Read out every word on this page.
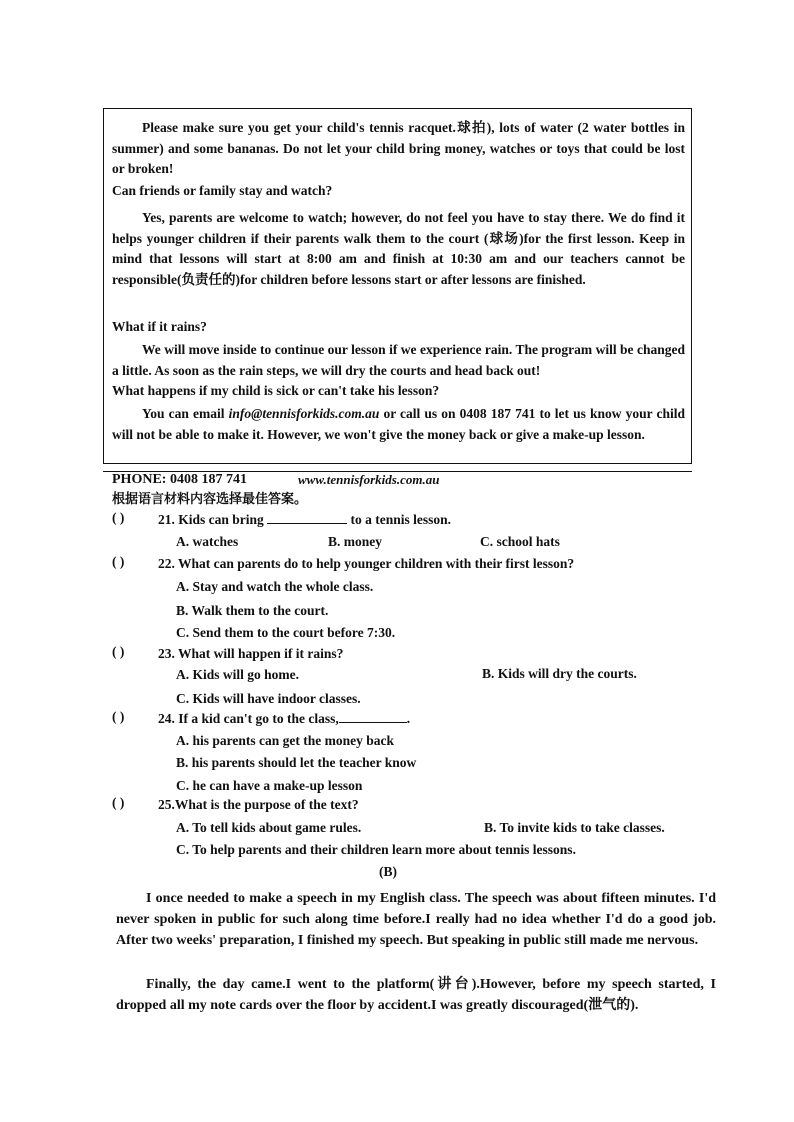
Please make sure you get your child's tennis racquet.球拍), lots of water (2 water bottles in summer) and some bananas. Do not let your child bring money, watches or toys that could be lost or broken!
Can friends or family stay and watch?
Yes, parents are welcome to watch; however, do not feel you have to stay there. We do find it helps younger children if their parents walk them to the court (球场)for the first lesson. Keep in mind that lessons will start at 8:00 am and finish at 10:30 am and our teachers cannot be responsible(负责任的)for children before lessons start or after lessons are finished.
What if it rains?
We will move inside to continue our lesson if we experience rain. The program will be changed a little. As soon as the rain steps, we will dry the courts and head back out!
What happens if my child is sick or can't take his lesson?
You can email info@tennisforkids.com.au or call us on 0408 187 741 to let us know your child will not be able to make it. However, we won't give the money back or give a make-up lesson.
PHONE: 0408 187 741	www.tennisforkids.com.au
根据语言材料内容选择最佳答案。
( ) 21. Kids can bring	to a tennis lesson.
A. watches	B. money	C. school hats
( ) 22. What can parents do to help younger children with their first lesson?
A. Stay and watch the whole class.
B. Walk them to the court.
C. Send them to the court before 7:30.
( ) 23. What will happen if it rains?
A. Kids will go home.	B. Kids will dry the courts.
C. Kids will have indoor classes.
( ) 24. If a kid can't go to the class,	.
A. his parents can get the money back
B. his parents should let the teacher know
C. he can have a make-up lesson
( ) 25.What is the purpose of the text?
A. To tell kids about game rules.	B. To invite kids to take classes.
C. To help parents and their children learn more about tennis lessons.
(B)
I once needed to make a speech in my English class. The speech was about fifteen minutes. I'd never spoken in public for such along time before.I really had no idea whether I'd do a good job. After two weeks' preparation, I finished my speech. But speaking in public still made me nervous.
Finally, the day came.I went to the platform(讲台).However, before my speech started, I dropped all my note cards over the floor by accident.I was greatly discouraged(泄气的).
